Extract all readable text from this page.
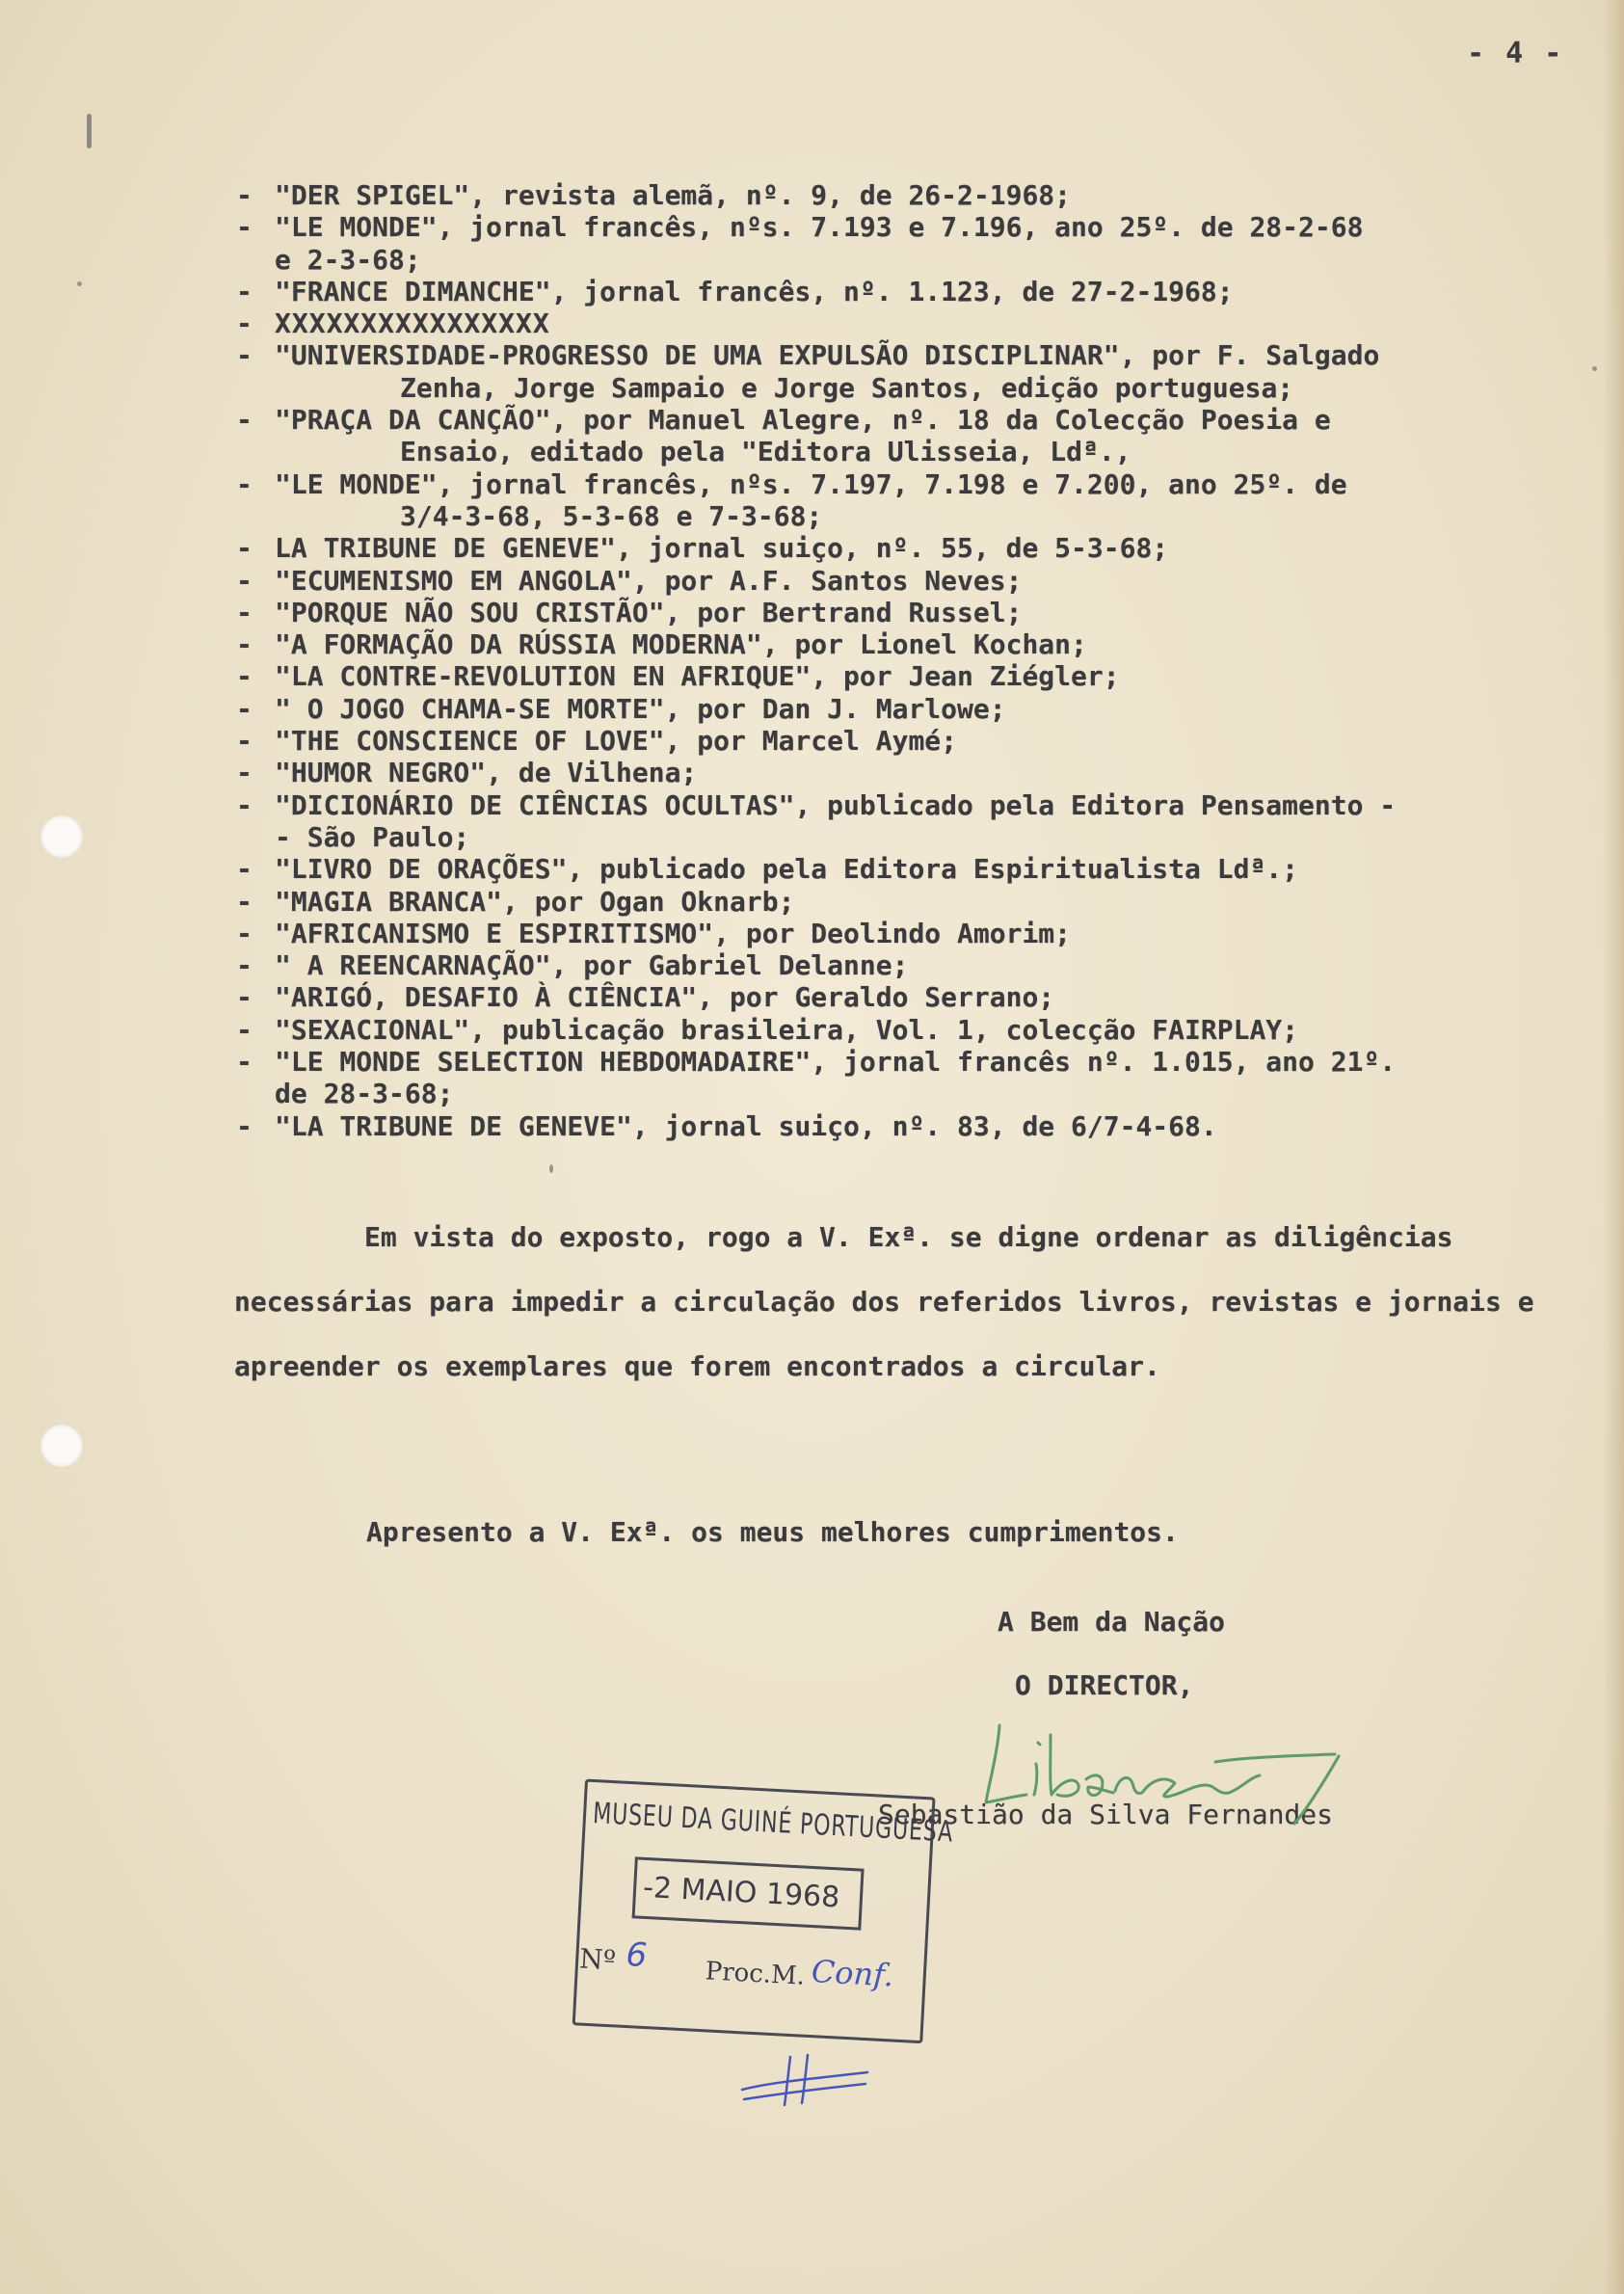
- 4 -
- "DER SPIGEL", revista alemã, nº. 9, de 26-2-1968;
- "LE MONDE", jornal francês, nºs. 7.193 e 7.196, ano 25º. de 28-2-68
e 2-3-68;
- "FRANCE DIMANCHE", jornal francês, nº. 1.123, de 27-2-1968;
- XXXXXXXXXXXXXXXX
- "UNIVERSIDADE-PROGRESSO DE UMA EXPULSÃO DISCIPLINAR", por F. Salgado
Zenha, Jorge Sampaio e Jorge Santos, edição portuguesa;
- "PRAÇA DA CANÇÃO", por Manuel Alegre, nº. 18 da Colecção Poesia e
Ensaio, editado pela "Editora Ulisseia, Ldª.,
- "LE MONDE", jornal francês, nºs. 7.197, 7.198 e 7.200, ano 25º. de
3/4-3-68, 5-3-68 e 7-3-68;
- LA TRIBUNE DE GENEVE", jornal suiço, nº. 55, de 5-3-68;
- "ECUMENISMO EM ANGOLA", por A.F. Santos Neves;
- "PORQUE NÃO SOU CRISTÃO", por Bertrand Russel;
- "A FORMAÇÃO DA RÚSSIA MODERNA", por Lionel Kochan;
- "LA CONTRE-REVOLUTION EN AFRIQUE", por Jean Ziégler;
- " O JOGO CHAMA-SE MORTE", por Dan J. Marlowe;
- "THE CONSCIENCE OF LOVE", por Marcel Aymé;
- "HUMOR NEGRO", de Vilhena;
- "DICIONÁRIO DE CIÊNCIAS OCULTAS", publicado pela Editora Pensamento -
- São Paulo;
- "LIVRO DE ORAÇÕES", publicado pela Editora Espiritualista Ldª.;
- "MAGIA BRANCA", por Ogan Oknarb;
- "AFRICANISMO E ESPIRITISMO", por Deolindo Amorim;
- " A REENCARNAÇÃO", por Gabriel Delanne;
- "ARIGÓ, DESAFIO À CIÊNCIA", por Geraldo Serrano;
- "SEXACIONAL", publicação brasileira, Vol. 1, colecção FAIRPLAY;
- "LE MONDE SELECTION HEBDOMADAIRE", jornal francês nº. 1.015, ano 21º.
de 28-3-68;
- "LA TRIBUNE DE GENEVE", jornal suiço, nº. 83, de 6/7-4-68.
Em vista do exposto, rogo a V. Exª. se digne ordenar as diligências necessárias para impedir a circulação dos referidos livros, revistas e jornais e apreender os exemplares que forem encontrados a circular.
Apresento a V. Exª. os meus melhores cumprimentos.
A Bem da Nação
O DIRECTOR,
Sebastião da Silva Fernandes
MUSEU DA GUINÉ PORTUGUESA
-2 MAIO 1968
Nº 6 Proc.M. Conf.
